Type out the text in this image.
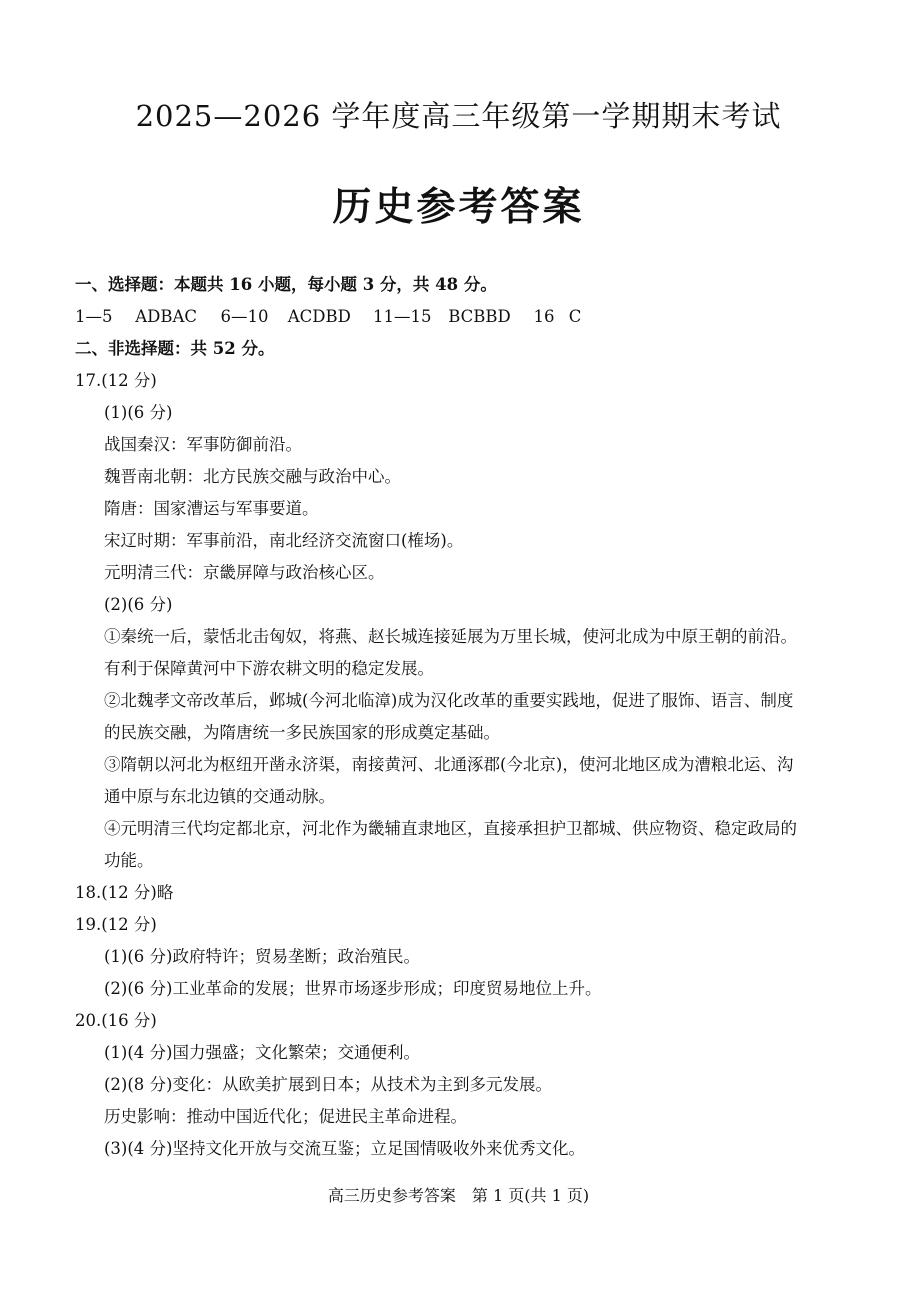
2025—2026 学年度高三年级第一学期期末考试
历史参考答案
一、选择题：本题共 16 小题，每小题 3 分，共 48 分。
1—5 ADBAC 6—10 ACDBD 11—15 BCBBD 16 C
二、非选择题：共 52 分。
17.(12 分)
(1)(6 分)
战国秦汉：军事防御前沿。
魏晋南北朝：北方民族交融与政治中心。
隋唐：国家漕运与军事要道。
宋辽时期：军事前沿，南北经济交流窗口(榷场)。
元明清三代：京畿屏障与政治核心区。
(2)(6 分)
①秦统一后，蒙恬北击匈奴，将燕、赵长城连接延展为万里长城，使河北成为中原王朝的前沿。
有利于保障黄河中下游农耕文明的稳定发展。
②北魏孝文帝改革后，邺城(今河北临漳)成为汉化改革的重要实践地，促进了服饰、语言、制度
的民族交融，为隋唐统一多民族国家的形成奠定基础。
③隋朝以河北为枢纽开凿永济渠，南接黄河、北通涿郡(今北京)，使河北地区成为漕粮北运、沟
通中原与东北边镇的交通动脉。
④元明清三代均定都北京，河北作为畿辅直隶地区，直接承担护卫都城、供应物资、稳定政局的
功能。
18.(12 分)略
19.(12 分)
(1)(6 分)政府特许；贸易垄断；政治殖民。
(2)(6 分)工业革命的发展；世界市场逐步形成；印度贸易地位上升。
20.(16 分)
(1)(4 分)国力强盛；文化繁荣；交通便利。
(2)(8 分)变化：从欧美扩展到日本；从技术为主到多元发展。
历史影响：推动中国近代化；促进民主革命进程。
(3)(4 分)坚持文化开放与交流互鉴；立足国情吸收外来优秀文化。
高三历史参考答案　第 1 页(共 1 页)
